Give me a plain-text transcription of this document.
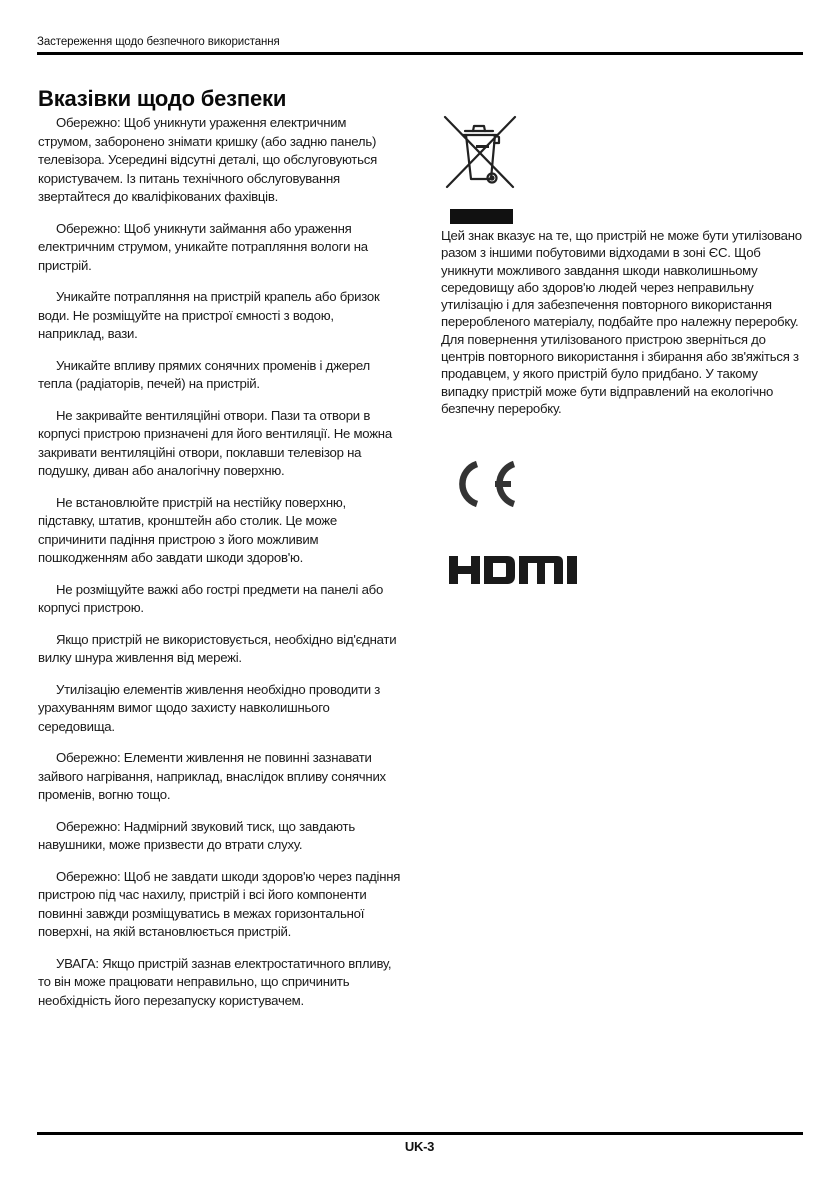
Застереження щодо безпечного використання
Вказівки щодо безпеки

Обережно: Щоб уникнути ураження електричним струмом, заборонено знімати кришку (або задню панель) телевізора. Усередині відсутні деталі, що обслуговуються користувачем. Із питань технічного обслуговування звертайтеся до кваліфікованих фахівців.

Обережно: Щоб уникнути займання або ураження електричним струмом, уникайте потрапляння вологи на пристрій.

Уникайте потрапляння на пристрій крапель або бризок води. Не розміщуйте на пристрої ємності з водою, наприклад, вази.

Уникайте впливу прямих сонячних променів і джерел тепла (радіаторів, печей) на пристрій.

Не закривайте вентиляційні отвори. Пази та отвори в корпусі пристрою призначені для його вентиляції. Не можна закривати вентиляційні отвори, поклавши телевізор на подушку, диван або аналогічну поверхню.

Не встановлюйте пристрій на нестійку поверхню, підставку, штатив, кронштейн або столик. Це може спричинити падіння пристрою з його можливим пошкодженням або завдати шкоди здоров'ю.

Не розміщуйте важкі або гострі предмети на панелі або корпусі пристрою.

Якщо пристрій не використовується, необхідно від'єднати вилку шнура живлення від мережі.

Утилізацію елементів живлення необхідно проводити з урахуванням вимог щодо захисту навколишнього середовища.

Обережно: Елементи живлення не повинні зазнавати зайвого нагрівання, наприклад, внаслідок впливу сонячних променів, вогню тощо.

Обережно: Надмірний звуковий тиск, що завдають навушники, може призвести до втрати слуху.

Обережно: Щоб не завдати шкоди здоров'ю через падіння пристрою під час нахилу, пристрій і всі його компоненти повинні завжди розміщуватись в межах горизонтальної поверхні, на якій встановлюється пристрій.

УВАГА: Якщо пристрій зазнав електростатичного впливу, то він може працювати неправильно, що спричинить необхідність його перезапуску користувачем.

Цей знак вказує на те, що пристрій не може бути утилізовано разом з іншими побутовими відходами в зоні ЄС. Щоб уникнути можливого завдання шкоди навколишньому середовищу або здоров'ю людей через неправильну утилізацію і для забезпечення повторного використання переробленого матеріалу, подбайте про належну переробку. Для повернення утилізованого пристрою зверніться до центрів повторного використання і збирання або зв'яжіться з продавцем, у якого пристрій було придбано. У такому випадку пристрій може бути відправлений на екологічно безпечну переробку.

UK-3
